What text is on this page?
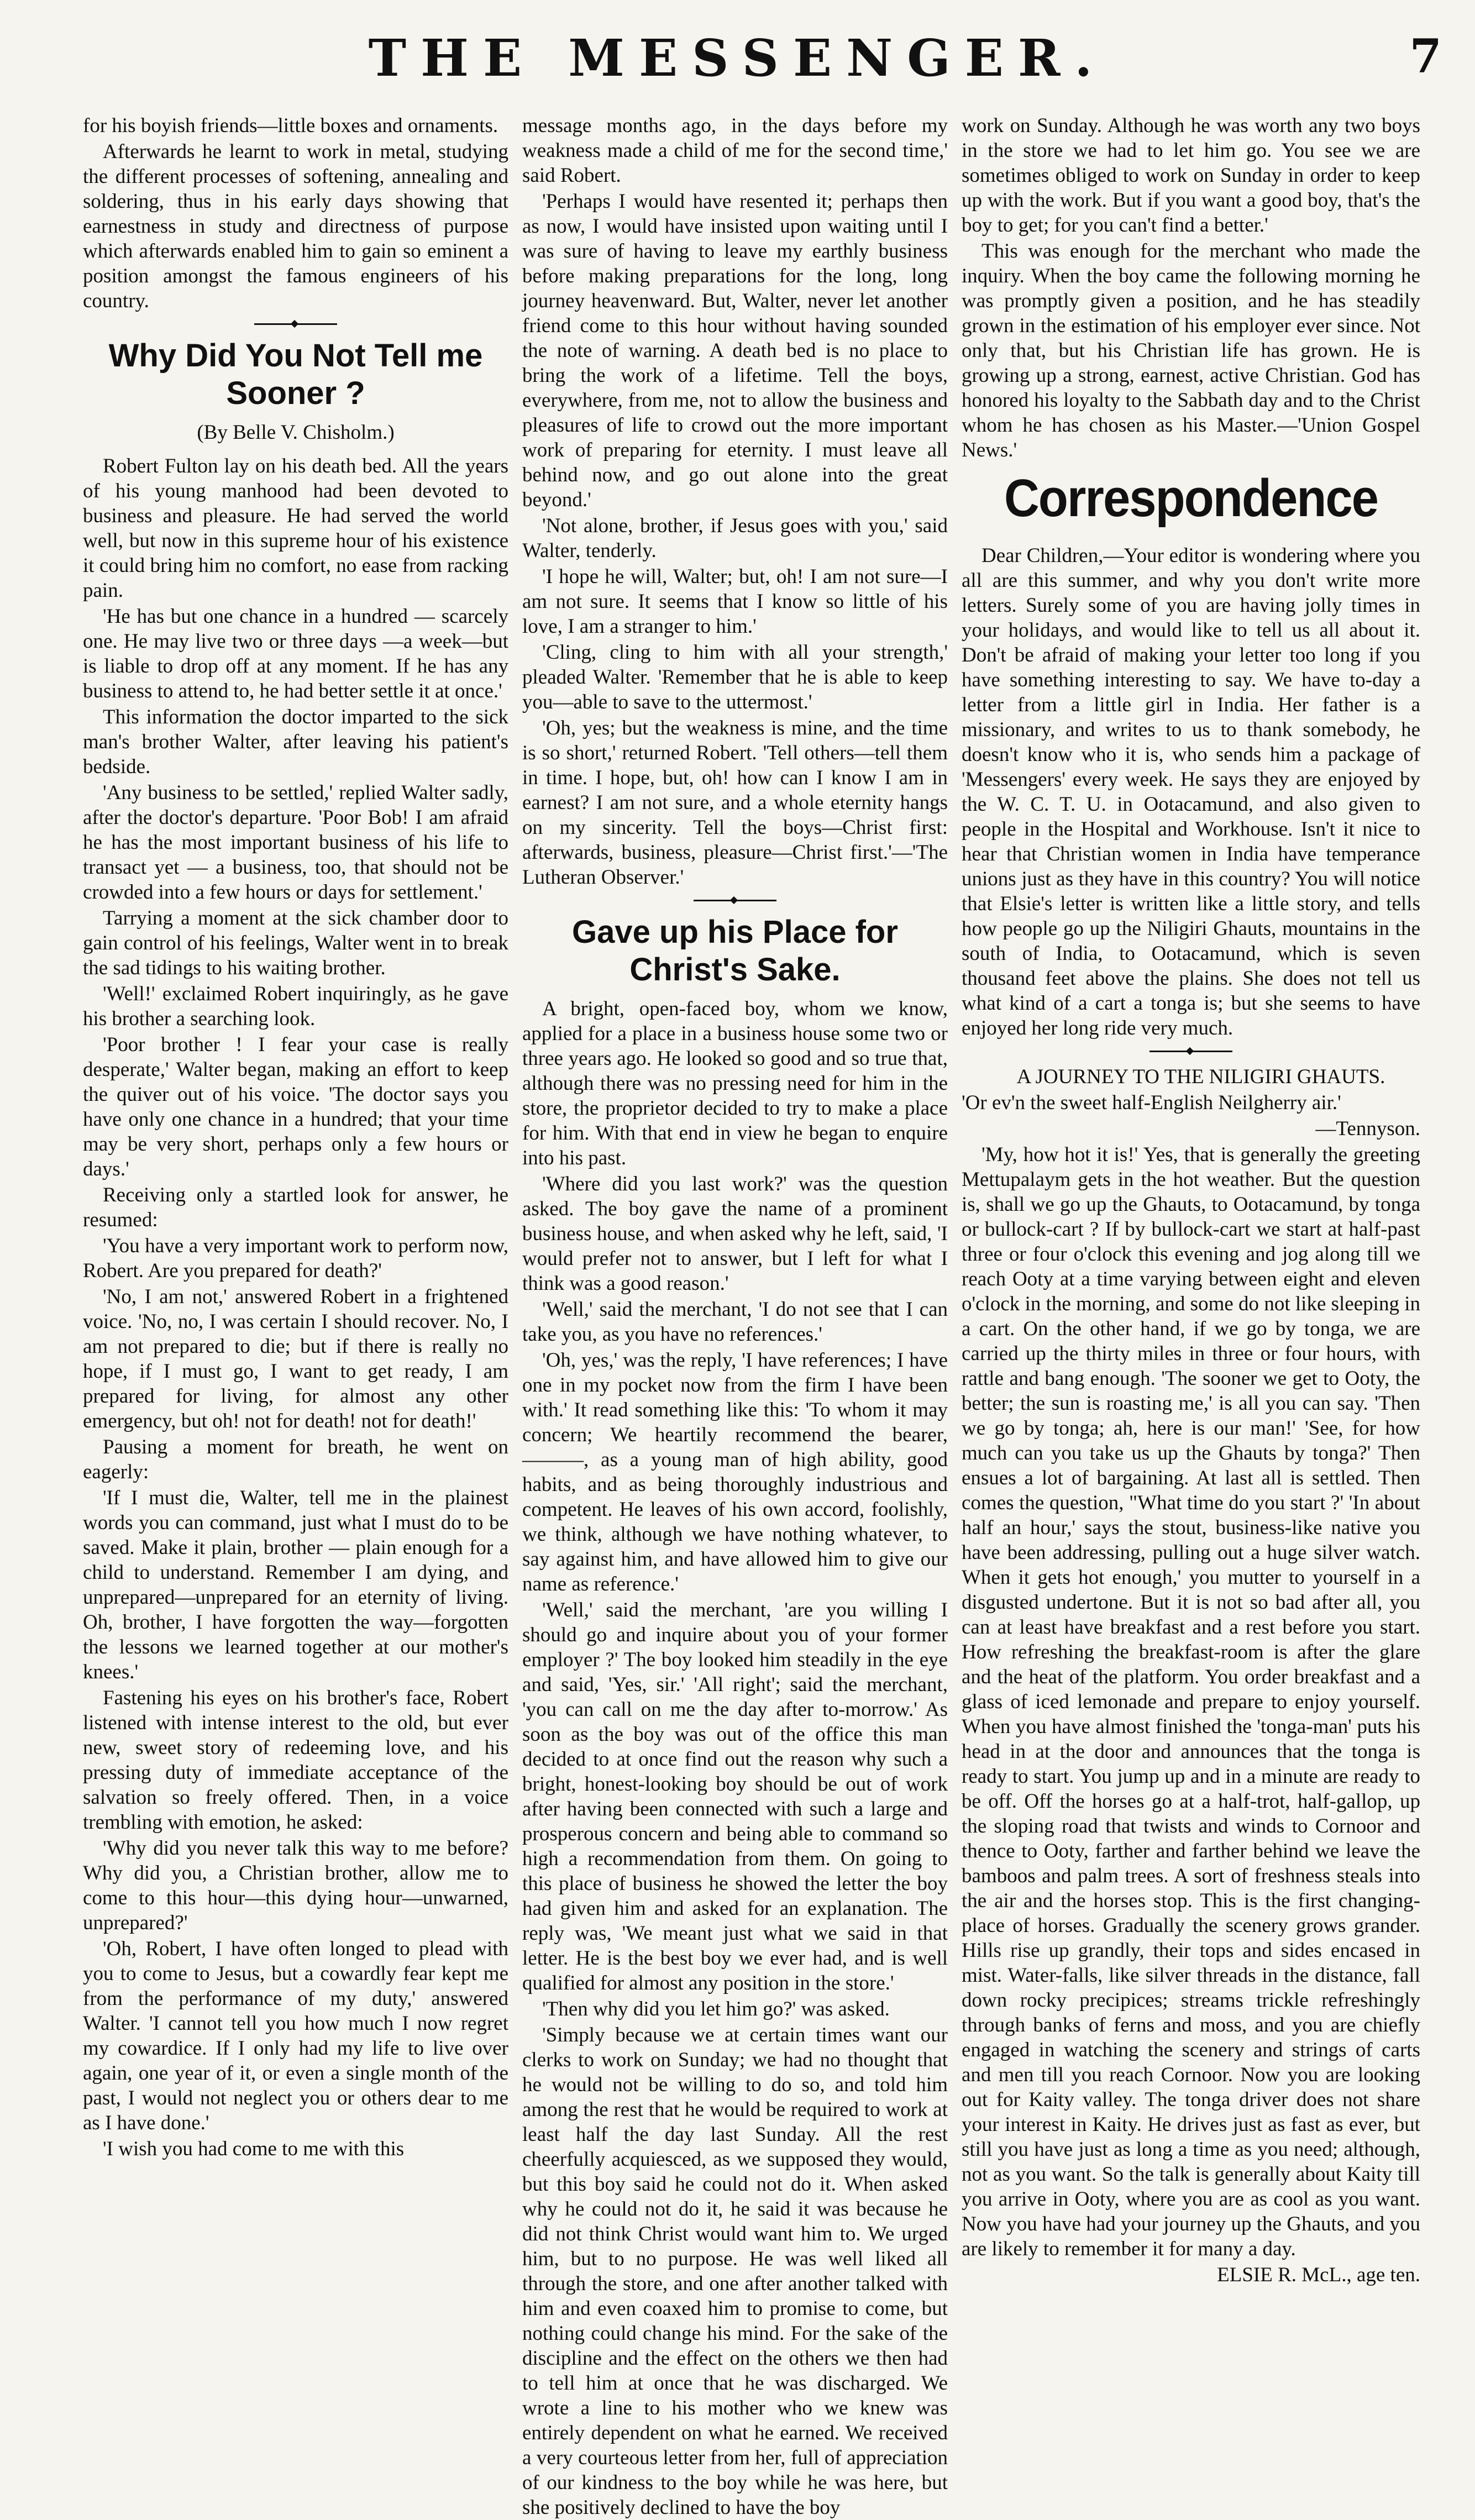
THE MESSENGER.	7

for his boyish friends—little boxes and ornaments.

Afterwards he learnt to work in metal, studying the different processes of softening, annealing and soldering, thus in his early days showing that earnestness in study and directness of purpose which afterwards enabled him to gain so eminent a position amongst the famous engineers of his country.

Why Did You Not Tell me Sooner ?
(By Belle V. Chisholm.)

Robert Fulton lay on his death bed. All the years of his young manhood had been devoted to business and pleasure. He had served the world well, but now in this supreme hour of his existence it could bring him no comfort, no ease from racking pain.

'He has but one chance in a hundred — scarcely one. He may live two or three days —a week—but is liable to drop off at any moment. If he has any business to attend to, he had better settle it at once.'

This information the doctor imparted to the sick man's brother Walter, after leaving his patient's bedside.

'Any business to be settled,' replied Walter sadly, after the doctor's departure. 'Poor Bob! I am afraid he has the most important business of his life to transact yet — a business, too, that should not be crowded into a few hours or days for settlement.'

Tarrying a moment at the sick chamber door to gain control of his feelings, Walter went in to break the sad tidings to his waiting brother.

'Well!' exclaimed Robert inquiringly, as he gave his brother a searching look.

'Poor brother ! I fear your case is really desperate,' Walter began, making an effort to keep the quiver out of his voice. 'The doctor says you have only one chance in a hundred; that your time may be very short, perhaps only a few hours or days.'

Receiving only a startled look for answer, he resumed:

'You have a very important work to perform now, Robert. Are you prepared for death?'

'No, I am not,' answered Robert in a frightened voice. 'No, no, I was certain I should recover. No, I am not prepared to die; but if there is really no hope, if I must go, I want to get ready, I am prepared for living, for almost any other emergency, but oh! not for death! not for death!'

Pausing a moment for breath, he went on eagerly:

'If I must die, Walter, tell me in the plainest words you can command, just what I must do to be saved. Make it plain, brother — plain enough for a child to understand. Remember I am dying, and unprepared—unprepared for an eternity of living. Oh, brother, I have forgotten the way—forgotten the lessons we learned together at our mother's knees.'

Fastening his eyes on his brother's face, Robert listened with intense interest to the old, but ever new, sweet story of redeeming love, and his pressing duty of immediate acceptance of the salvation so freely offered. Then, in a voice trembling with emotion, he asked:

'Why did you never talk this way to me before? Why did you, a Christian brother, allow me to come to this hour—this dying hour—unwarned, unprepared?'

'Oh, Robert, I have often longed to plead with you to come to Jesus, but a cowardly fear kept me from the performance of my duty,' answered Walter. 'I cannot tell you how much I now regret my cowardice. If I only had my life to live over again, one year of it, or even a single month of the past, I would not neglect you or others dear to me as I have done.'

'I wish you had come to me with this

message months ago, in the days before my weakness made a child of me for the second time,' said Robert.

'Perhaps I would have resented it; perhaps then as now, I would have insisted upon waiting until I was sure of having to leave my earthly business before making preparations for the long, long journey heavenward. But, Walter, never let another friend come to this hour without having sounded the note of warning. A death bed is no place to bring the work of a lifetime. Tell the boys, everywhere, from me, not to allow the business and pleasures of life to crowd out the more important work of preparing for eternity. I must leave all behind now, and go out alone into the great beyond.'

'Not alone, brother, if Jesus goes with you,' said Walter, tenderly.

'I hope he will, Walter; but, oh! I am not sure—I am not sure. It seems that I know so little of his love, I am a stranger to him.'

'Cling, cling to him with all your strength,' pleaded Walter. 'Remember that he is able to keep you—able to save to the uttermost.'

'Oh, yes; but the weakness is mine, and the time is so short,' returned Robert. 'Tell others—tell them in time. I hope, but, oh! how can I know I am in earnest? I am not sure, and a whole eternity hangs on my sincerity. Tell the boys—Christ first: afterwards, business, pleasure—Christ first.'—'The Lutheran Observer.'

Gave up his Place for Christ's Sake.

A bright, open-faced boy, whom we know, applied for a place in a business house some two or three years ago. He looked so good and so true that, although there was no pressing need for him in the store, the proprietor decided to try to make a place for him. With that end in view he began to enquire into his past.

'Where did you last work?' was the question asked. The boy gave the name of a prominent business house, and when asked why he left, said, 'I would prefer not to answer, but I left for what I think was a good reason.'

'Well,' said the merchant, 'I do not see that I can take you, as you have no references.'

'Oh, yes,' was the reply, 'I have references; I have one in my pocket now from the firm I have been with.' It read something like this: 'To whom it may concern; We heartily recommend the bearer, ———, as a young man of high ability, good habits, and as being thoroughly industrious and competent. He leaves of his own accord, foolishly, we think, although we have nothing whatever, to say against him, and have allowed him to give our name as reference.'

'Well,' said the merchant, 'are you willing I should go and inquire about you of your former employer ?' The boy looked him steadily in the eye and said, 'Yes, sir.' 'All right'; said the merchant, 'you can call on me the day after to-morrow.' As soon as the boy was out of the office this man decided to at once find out the reason why such a bright, honest-looking boy should be out of work after having been connected with such a large and prosperous concern and being able to command so high a recommendation from them. On going to this place of business he showed the letter the boy had given him and asked for an explanation. The reply was, 'We meant just what we said in that letter. He is the best boy we ever had, and is well qualified for almost any position in the store.'

'Then why did you let him go?' was asked.

'Simply because we at certain times want our clerks to work on Sunday; we had no thought that he would not be willing to do so, and told him among the rest that he would be required to work at least half the day last Sunday. All the rest cheerfully acquiesced, as we supposed they would, but this boy said he could not do it. When asked why he could not do it, he said it was because he did not think Christ would want him to. We urged him, but to no purpose. He was well liked all through the store, and one after another talked with him and even coaxed him to promise to come, but nothing could change his mind. For the sake of the discipline and the effect on the others we then had to tell him at once that he was discharged. We wrote a line to his mother who we knew was entirely dependent on what he earned. We received a very courteous letter from her, full of appreciation of our kindness to the boy while he was here, but she positively declined to have the boy

work on Sunday. Although he was worth any two boys in the store we had to let him go. You see we are sometimes obliged to work on Sunday in order to keep up with the work. But if you want a good boy, that's the boy to get; for you can't find a better.'

This was enough for the merchant who made the inquiry. When the boy came the following morning he was promptly given a position, and he has steadily grown in the estimation of his employer ever since. Not only that, but his Christian life has grown. He is growing up a strong, earnest, active Christian. God has honored his loyalty to the Sabbath day and to the Christ whom he has chosen as his Master.—'Union Gospel News.'

Correspondence

Dear Children,—Your editor is wondering where you all are this summer, and why you don't write more letters. Surely some of you are having jolly times in your holidays, and would like to tell us all about it. Don't be afraid of making your letter too long if you have something interesting to say. We have to-day a letter from a little girl in India. Her father is a missionary, and writes to us to thank somebody, he doesn't know who it is, who sends him a package of 'Messengers' every week. He says they are enjoyed by the W. C. T. U. in Ootacamund, and also given to people in the Hospital and Workhouse. Isn't it nice to hear that Christian women in India have temperance unions just as they have in this country? You will notice that Elsie's letter is written like a little story, and tells how people go up the Niligiri Ghauts, mountains in the south of India, to Ootacamund, which is seven thousand feet above the plains. She does not tell us what kind of a cart a tonga is; but she seems to have enjoyed her long ride very much.

A JOURNEY TO THE NILIGIRI GHAUTS.

'Or ev'n the sweet half-English Neilgherry air.'

—Tennyson.

'My, how hot it is!' Yes, that is generally the greeting Mettupalaym gets in the hot weather. But the question is, shall we go up the Ghauts, to Ootacamund, by tonga or bullock-cart ? If by bullock-cart we start at half-past three or four o'clock this evening and jog along till we reach Ooty at a time varying between eight and eleven o'clock in the morning, and some do not like sleeping in a cart. On the other hand, if we go by tonga, we are carried up the thirty miles in three or four hours, with rattle and bang enough. 'The sooner we get to Ooty, the better; the sun is roasting me,' is all you can say. 'Then we go by tonga; ah, here is our man!' 'See, for how much can you take us up the Ghauts by tonga?' Then ensues a lot of bargaining. At last all is settled. Then comes the question, "What time do you start ?' 'In about half an hour,' says the stout, business-like native you have been addressing, pulling out a huge silver watch. When it gets hot enough,' you mutter to yourself in a disgusted undertone. But it is not so bad after all, you can at least have breakfast and a rest before you start. How refreshing the breakfast-room is after the glare and the heat of the platform. You order breakfast and a glass of iced lemonade and prepare to enjoy yourself. When you have almost finished the 'tonga-man' puts his head in at the door and announces that the tonga is ready to start. You jump up and in a minute are ready to be off. Off the horses go at a half-trot, half-gallop, up the sloping road that twists and winds to Cornoor and thence to Ooty, farther and farther behind we leave the bamboos and palm trees. A sort of freshness steals into the air and the horses stop. This is the first changing-place of horses. Gradually the scenery grows grander. Hills rise up grandly, their tops and sides encased in mist. Water-falls, like silver threads in the distance, fall down rocky precipices; streams trickle refreshingly through banks of ferns and moss, and you are chiefly engaged in watching the scenery and strings of carts and men till you reach Cornoor. Now you are looking out for Kaity valley. The tonga driver does not share your interest in Kaity. He drives just as fast as ever, but still you have just as long a time as you need; although, not as you want. So the talk is generally about Kaity till you arrive in Ooty, where you are as cool as you want. Now you have had your journey up the Ghauts, and you are likely to remember it for many a day.

ELSIE R. McL., age ten.
